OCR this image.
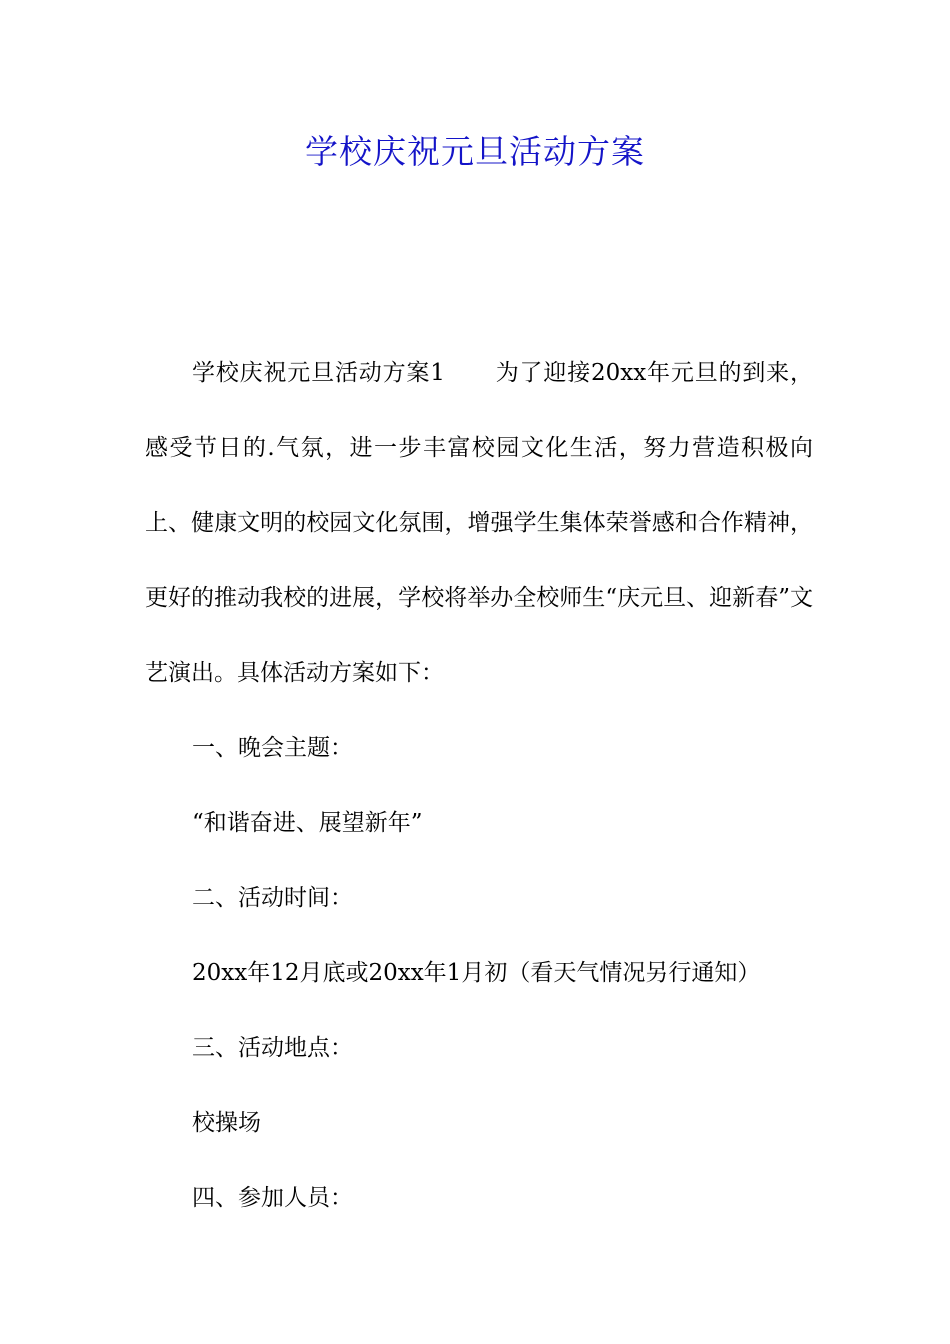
学校庆祝元旦活动方案

学校庆祝元旦活动方案1 为了迎接20xx年元旦的到来，感受节日的.气氛，进一步丰富校园文化生活，努力营造积极向上、健康文明的校园文化氛围，增强学生集体荣誉感和合作精神，更好的推动我校的进展，学校将举办全校师生“庆元旦、迎新春”文艺演出。具体活动方案如下：

一、晚会主题：

“和谐奋进、展望新年”

二、活动时间：

20xx年12月底或20xx年1月初（看天气情况另行通知）

三、活动地点：

校操场

四、参加人员：
